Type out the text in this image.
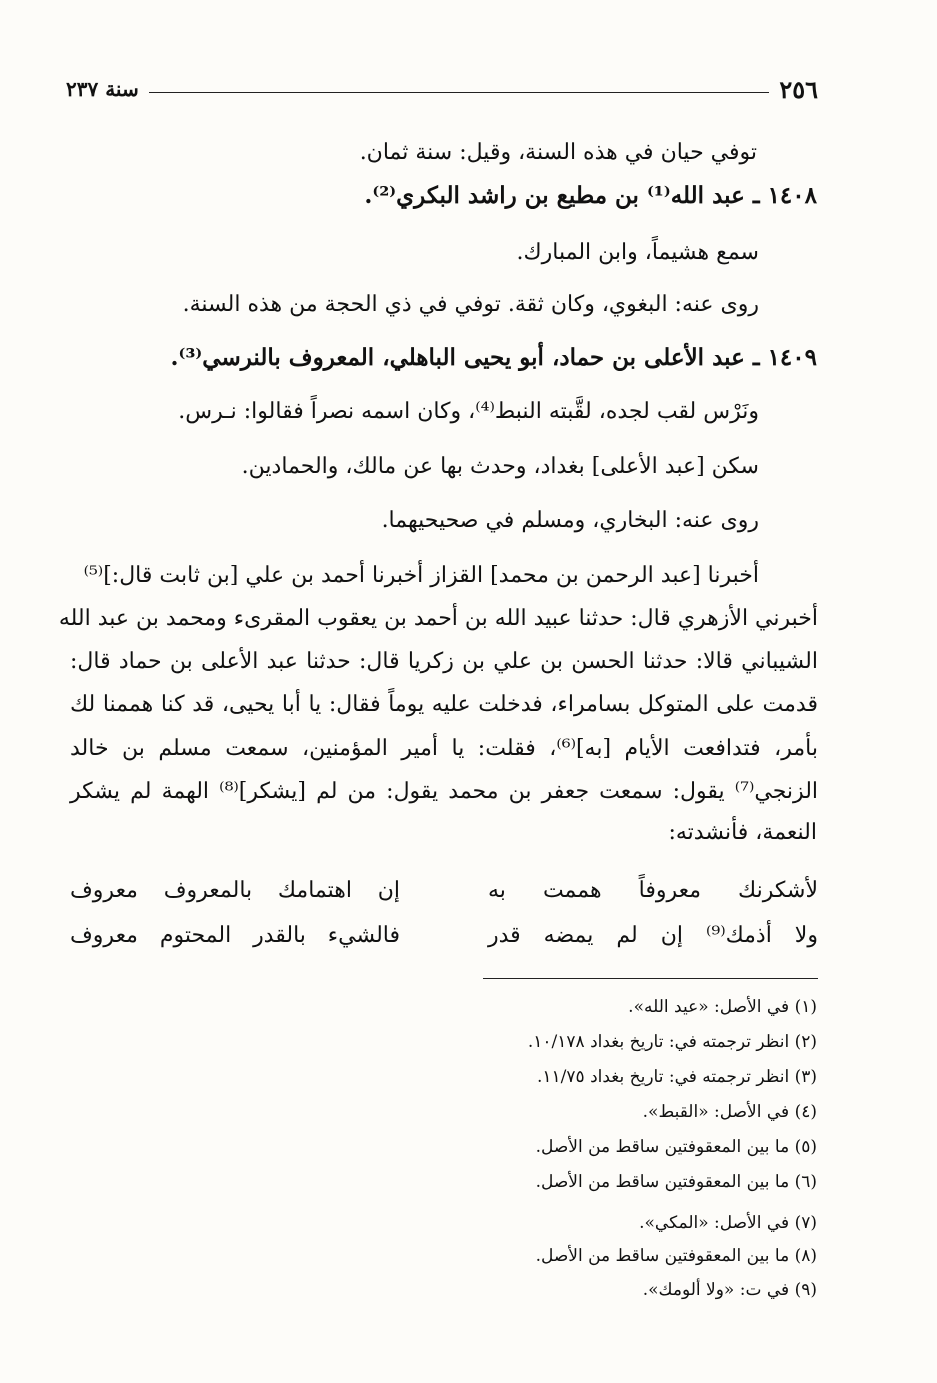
٢٥٦
سنة ٢٣٧
توفي حيان في هذه السنة، وقيل: سنة ثمان.
١٤٠٨ ـ عبد الله⁽¹⁾ بن مطيع بن راشد البكري⁽²⁾.
سمع هشيماً، وابن المبارك.
روى عنه: البغوي، وكان ثقة. توفي في ذي الحجة من هذه السنة.
١٤٠٩ ـ عبد الأعلى بن حماد، أبو يحيى الباهلي، المعروف بالنرسي⁽³⁾.
ونَرْس لقب لجده، لقَّبته النبط⁽⁴⁾، وكان اسمه نصراً فقالوا: نـرس.
سكن [عبد الأعلى] بغداد، وحدث بها عن مالك، والحمادين.
روى عنه: البخاري، ومسلم في صحيحيهما.
أخبرنا [عبد الرحمن بن محمد] القزاز أخبرنا أحمد بن علي [بن ثابت قال:]⁽⁵⁾
أخبرني الأزهري قال: حدثنا عبيد الله بن أحمد بن يعقوب المقرىء ومحمد بن عبد الله
الشيباني قالا: حدثنا الحسن بن علي بن زكريا قال: حدثنا عبد الأعلى بن حماد قال:
قدمت على المتوكل بسامراء، فدخلت عليه يوماً فقال: يا أبا يحيى، قد كنا هممنا لك
بأمر، فتدافعت الأيام [به]⁽⁶⁾، فقلت: يا أمير المؤمنين، سمعت مسلم بن خالد
الزنجي⁽⁷⁾ يقول: سمعت جعفر بن محمد يقول: من لم [يشكر]⁽⁸⁾ الهمة لم يشكر
النعمة، فأنشدته:
لأشكرنك معروفاً هممت به
إن اهتمامك بالمعروف معروف
ولا أذمك⁽⁹⁾ إن لم يمضه قدر
فالشيء بالقدر المحتوم معروف
(١) في الأصل: «عيد الله».
(٢) انظر ترجمته في: تاريخ بغداد ١٠/١٧٨.
(٣) انظر ترجمته في: تاريخ بغداد ١١/٧٥.
(٤) في الأصل: «القبط».
(٥) ما بين المعقوفتين ساقط من الأصل.
(٦) ما بين المعقوفتين ساقط من الأصل.
(٧) في الأصل: «المكي».
(٨) ما بين المعقوفتين ساقط من الأصل.
(٩) في ت: «ولا ألومك».
